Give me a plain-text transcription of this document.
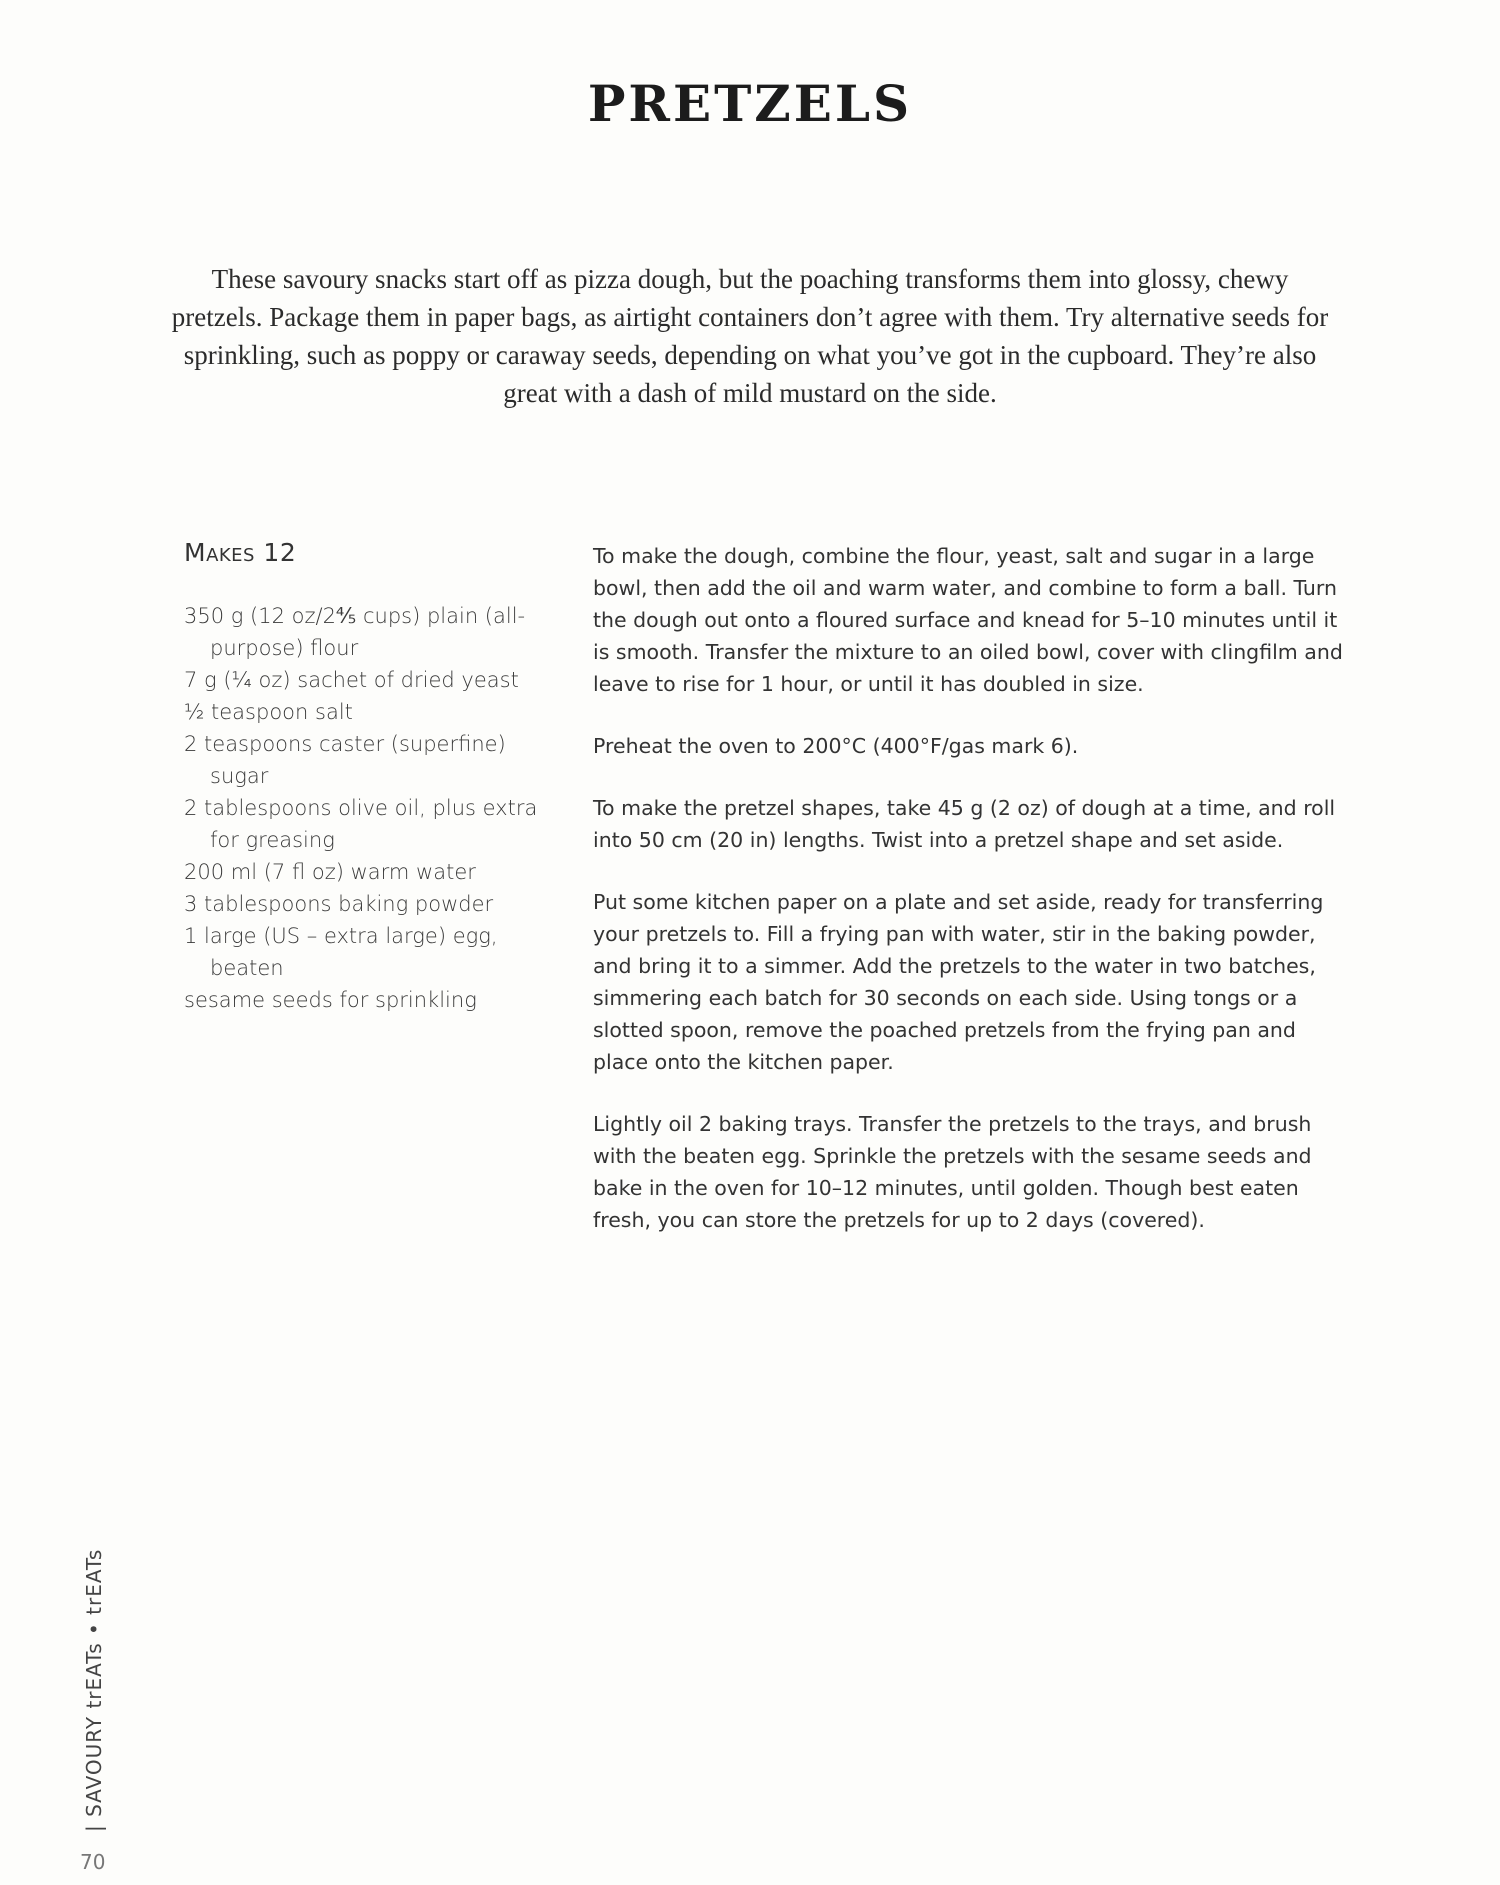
PRETZELS

These savoury snacks start off as pizza dough, but the poaching transforms them into glossy, chewy pretzels. Package them in paper bags, as airtight containers don’t agree with them. Try alternative seeds for sprinkling, such as poppy or caraway seeds, depending on what you’ve got in the cupboard. They’re also great with a dash of mild mustard on the side.

Makes 12

350 g (12 oz/2⅘ cups) plain (all-purpose) flour
7 g (¼ oz) sachet of dried yeast
½ teaspoon salt
2 teaspoons caster (superfine) sugar
2 tablespoons olive oil, plus extra for greasing
200 ml (7 fl oz) warm water
3 tablespoons baking powder
1 large (US – extra large) egg, beaten
sesame seeds for sprinkling

To make the dough, combine the flour, yeast, salt and sugar in a large bowl, then add the oil and warm water, and combine to form a ball. Turn the dough out onto a floured surface and knead for 5–10 minutes until it is smooth. Transfer the mixture to an oiled bowl, cover with clingfilm and leave to rise for 1 hour, or until it has doubled in size.

Preheat the oven to 200°C (400°F/gas mark 6).

To make the pretzel shapes, take 45 g (2 oz) of dough at a time, and roll into 50 cm (20 in) lengths. Twist into a pretzel shape and set aside.

Put some kitchen paper on a plate and set aside, ready for transferring your pretzels to. Fill a frying pan with water, stir in the baking powder, and bring it to a simmer. Add the pretzels to the water in two batches, simmering each batch for 30 seconds on each side. Using tongs or a slotted spoon, remove the poached pretzels from the frying pan and place onto the kitchen paper.

Lightly oil 2 baking trays. Transfer the pretzels to the trays, and brush with the beaten egg. Sprinkle the pretzels with the sesame seeds and bake in the oven for 10–12 minutes, until golden. Though best eaten fresh, you can store the pretzels for up to 2 days (covered).

| SAVOURY trEATs • trEATs

70
